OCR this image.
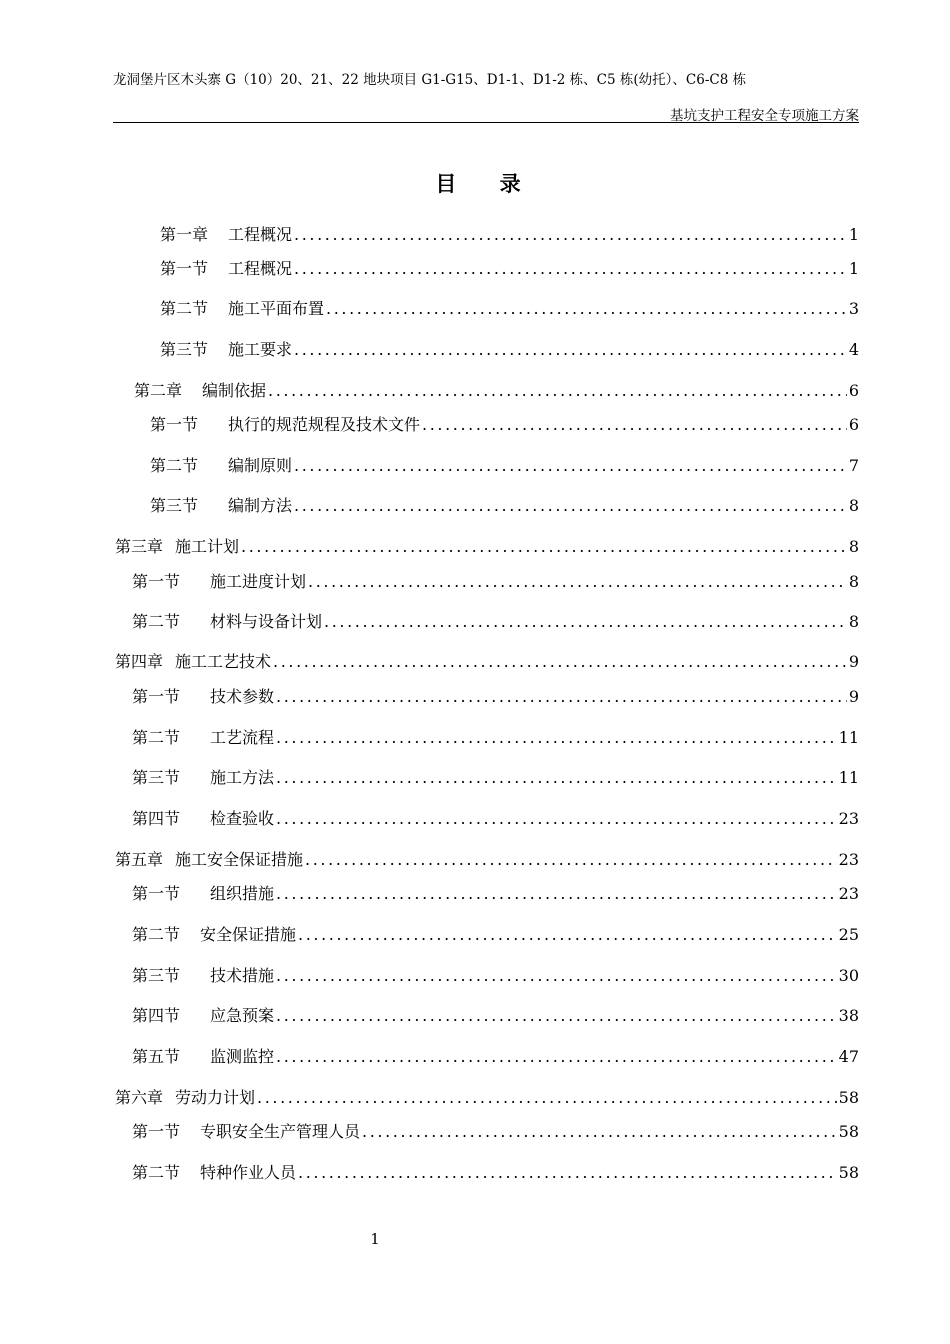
龙洞堡片区木头寨 G（10）20、21、22 地块项目 G1-G15、D1-1、D1-2 栋、C5 栋(幼托）、C6-C8 栋
基坑支护工程安全专项施工方案
目 录
第一章 工程概况 .....	1
第一节 工程概况 .....	1
第二节 施工平面布置 .....	3
第三节 施工要求 .....	4
第二章 编制依据 .....	6
第一节 执行的规范规程及技术文件 .....	6
第二节 编制原则 .....	7
第三节 编制方法 .....	8
第三章 施工计划 .....	8
第一节 施工进度计划 .....	8
第二节 材料与设备计划 .....	8
第四章 施工工艺技术 .....	9
第一节 技术参数 .....	9
第二节 工艺流程 .....	11
第三节 施工方法 .....	11
第四节 检查验收 .....	23
第五章 施工安全保证措施 .....	23
第一节 组织措施 .....	23
第二节 安全保证措施 .....	25
第三节 技术措施 .....	30
第四节 应急预案 .....	38
第五节 监测监控 .....	47
第六章 劳动力计划 .....	58
第一节 专职安全生产管理人员 .....	58
第二节 特种作业人员 .....	58
1
